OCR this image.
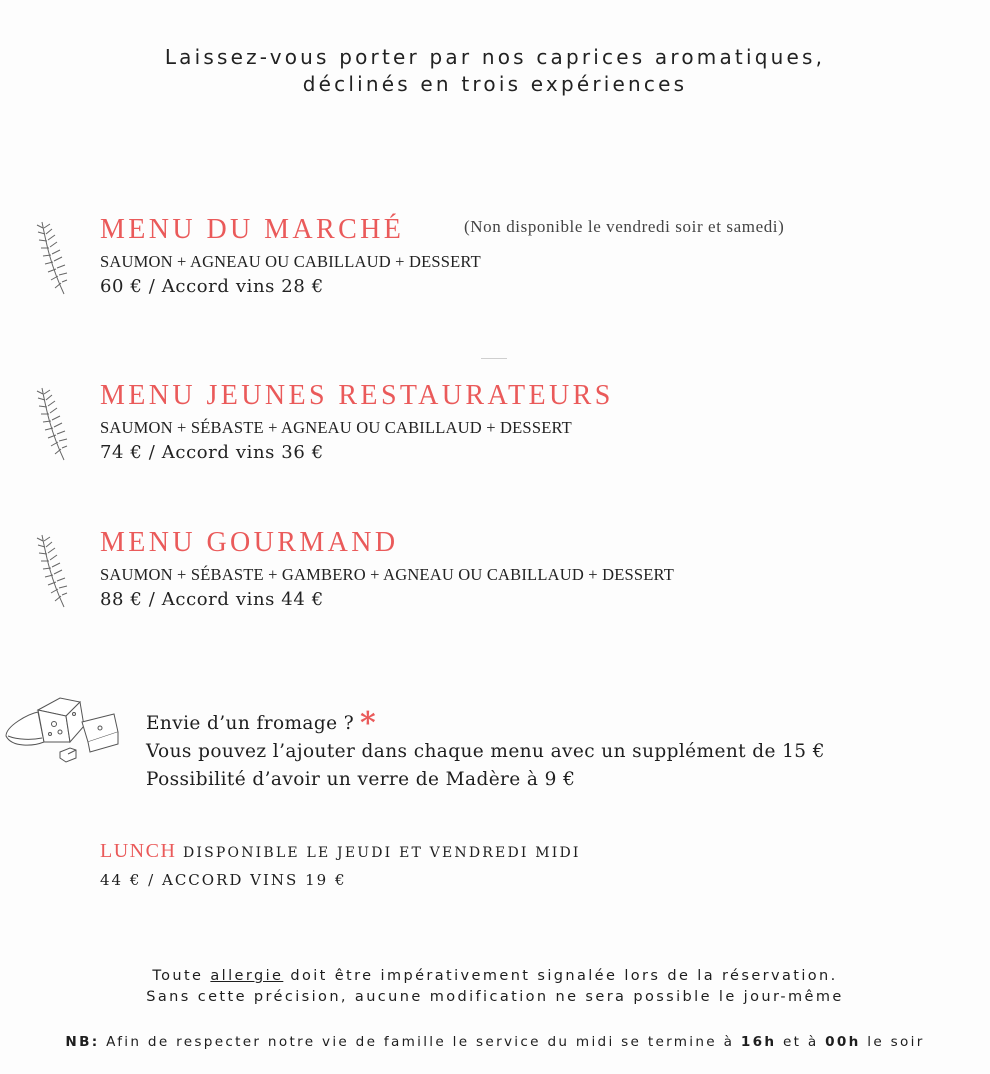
Laissez-vous porter par nos caprices aromatiques,
déclinés en trois expériences
MENU DU MARCHÉ	(Non disponible le vendredi soir et samedi)
SAUMON + AGNEAU OU CABILLAUD + DESSERT
60 € / Accord vins 28 €
MENU JEUNES RESTAURATEURS
SAUMON + SÉBASTE + AGNEAU OU CABILLAUD + DESSERT
74 € / Accord vins 36 €
MENU GOURMAND
SAUMON + SÉBASTE + GAMBERO + AGNEAU OU CABILLAUD + DESSERT
88 € / Accord vins 44 €
Envie d’un fromage ? *
Vous pouvez l’ajouter dans chaque menu avec un supplément de 15 €
Possibilité d’avoir un verre de Madère à 9 €
LUNCH DISPONIBLE LE JEUDI ET VENDREDI MIDI
44 € / ACCORD VINS 19 €
Toute allergie doit être impérativement signalée lors de la réservation.
Sans cette précision, aucune modification ne sera possible le jour-même
NB: Afin de respecter notre vie de famille le service du midi se termine à 16h et à 00h le soir
